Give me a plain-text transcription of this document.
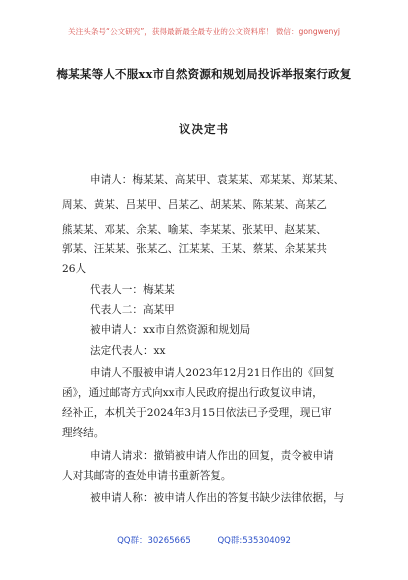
关注头条号“公文研究”，获得最新最全最专业的公文资料库！ 微信：gongwenyj
梅某某等人不服xx市自然资源和规划局投诉举报案行政复
议决定书
申请人：梅某某、高某甲、袁某某、邓某某、郑某某、
周某、黄某、吕某甲、吕某乙、胡某某、陈某某、高某乙
熊某某、邓某、余某、喻某、李某某、张某甲、赵某某、
郭某、汪某某、张某乙、江某某、王某、蔡某、余某某共
26人
代表人一：梅某某
代表人二：高某甲
被申请人：xx市自然资源和规划局
法定代表人：xx
申请人不服被申请人2023年12月21日作出的《回复
函》，通过邮寄方式向xx市人民政府提出行政复议申请，
经补正，本机关于2024年3月15日依法已予受理，现已审
理终结。
申请人请求：撤销被申请人作出的回复，责令被申请
人对其邮寄的查处申请书重新答复。
被申请人称：被申请人作出的答复书缺少法律依据，与
QQ群：30265665	QQ群:535304092
